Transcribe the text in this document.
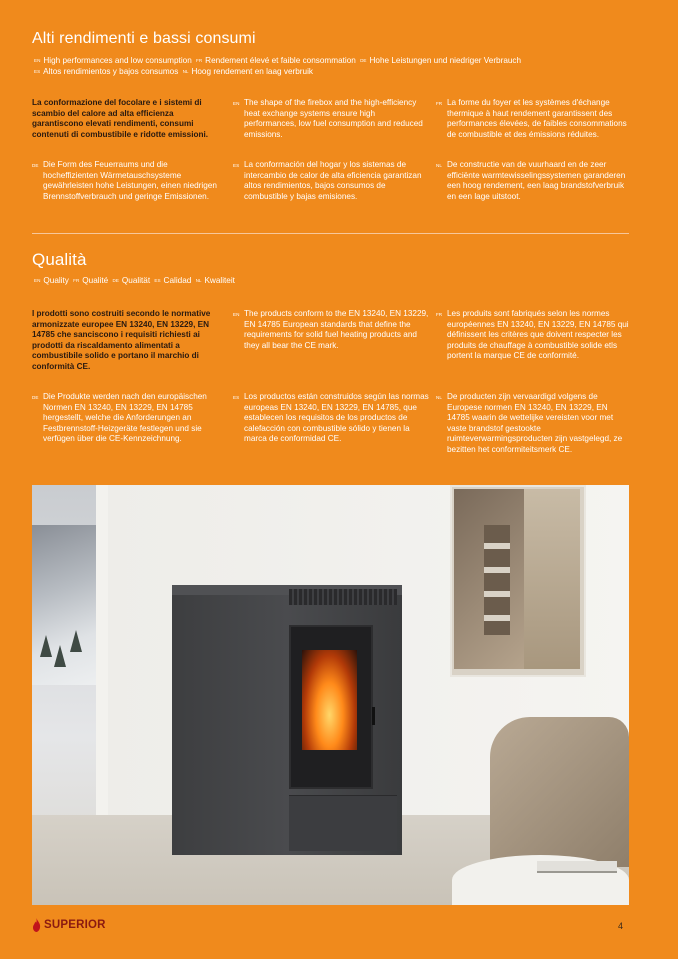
Alti rendimenti e bassi consumi
$^{EN}$ High performances and low consumption $^{FR}$ Rendement élevé et faible consommation $^{DE}$ Hohe Leistungen und niedriger Verbrauch
$^{ES}$ Altos rendimientos y bajos consumos $^{NL}$ Hoog rendement en laag verbruik
La conformazione del focolare e i sistemi di scambio del calore ad alta efficienza garantiscono elevati rendimenti, consumi contenuti di combustibile e ridotte emissioni.
EN The shape of the firebox and the high-efficiency heat exchange systems ensure high performances, low fuel consumption and reduced emissions.
FR La forme du foyer et les systèmes d'échange thermique à haut rendement garantissent des performances élevées, de faibles consommations de combustible et des émissions réduites.
DE Die Form des Feuerraums und die hocheffizienten Wärmetauschsysteme gewährleisten hohe Leistungen, einen niedrigen Brennstoffverbrauch und geringe Emissionen.
ES La conformación del hogar y los sistemas de intercambio de calor de alta eficiencia garantizan altos rendimientos, bajos consumos de combustible y bajas emisiones.
NL De constructie van de vuurhaard en de zeer efficiënte warmtewisselingssystemen garanderen een hoog rendement, een laag brandstofverbruik en een lage uitstoot.
Qualità
$^{EN}$ Quality $^{FR}$ Qualité $^{DE}$ Qualität $^{ES}$ Calidad $^{NL}$ Kwaliteit
I prodotti sono costruiti secondo le normative armonizzate europee EN 13240, EN 13229, EN 14785 che sanciscono i requisiti richiesti ai prodotti da riscaldamento alimentati a combustibile solido e portano il marchio di conformità CE.
EN The products conform to the EN 13240, EN 13229, EN 14785 European standards that define the requirements for solid fuel heating products and they all bear the CE mark.
FR Les produits sont fabriqués selon les normes européennes EN 13240, EN 13229, EN 14785 qui définissent les critères que doivent respecter les produits de chauffage à combustible solide etls portent la marque CE de conformité.
DE Die Produkte werden nach den europäischen Normen EN 13240, EN 13229, EN 14785 hergestellt, welche die Anforderungen an Festbrennstoff-Heizgeräte festlegen und sie verfügen über die CE-Kennzeichnung.
ES Los productos están construidos según las normas europeas EN 13240, EN 13229, EN 14785, que establecen los requisitos de los productos de calefacción con combustible sólido y tienen la marca de conformidad CE.
NL De producten zijn vervaardigd volgens de Europese normen EN 13240, EN 13229, EN 14785 waarin de wettelijke vereisten voor met vaste brandstof gestookte ruimteverwarmingsproducten zijn vastgelegd, ze bezitten het conformiteitsmerk CE.
SUPERIOR	4
